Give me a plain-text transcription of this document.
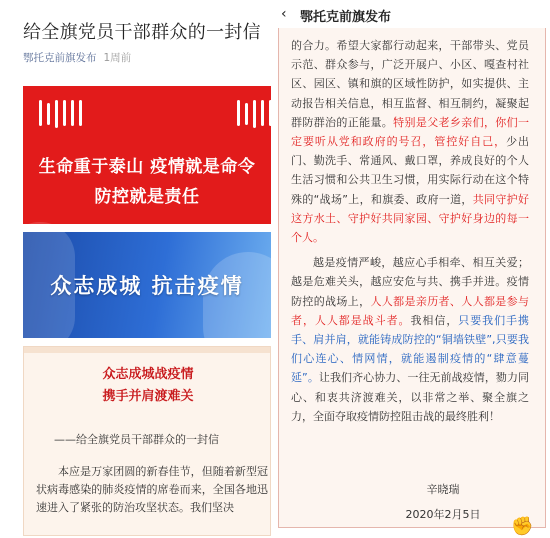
给全旗党员干部群众的一封信
鄂托克前旗发布 1周前
生命重于泰山 疫情就是命令
防控就是责任
众志成城 抗击疫情
众志成城战疫情
携手并肩渡难关
——给全旗党员干部群众的一封信
本应是万家团圆的新春佳节，但随着新型冠状病毒感染的肺炎疫情的席卷而来，全国各地迅速进入了紧张的防治攻坚状态。我们坚决
‹	鄂托克前旗发布

的合力。希望大家都行动起来，干部带头、党员示范、群众参与，广泛开展户、小区、嘎查村社区、园区、镇和旗的区域性防护，如实提供、主动报告相关信息，相互监督、相互制约，凝聚起群防群治的正能量。特别是父老乡亲们，你们一定要听从党和政府的号召，管控好自己，少出门、勤洗手、常通风、戴口罩，养成良好的个人生活习惯和公共卫生习惯，用实际行动在这个特殊的“战场”上，和旗委、政府一道，共同守护好这方水土、守护好共同家园、守护好身边的每一个人。

越是疫情严峻，越应心手相牵、相互关爱；越是危难关头，越应安危与共、携手并进。疫情防控的战场上，人人都是亲历者、人人都是参与者，人人都是战斗者。我相信，只要我们手携手、肩并肩，就能铸成防控的“铜墙铁壁”,只要我们心连心、情网情，就能遏制疫情的“肆意蔓延”。让我们齐心协力、一往无前战疫情，勠力同心、和衷共济渡难关，以非常之举、聚全旗之力，全面夺取疫情防控阻击战的最终胜利！

辛晓瑞
2020年2月5日
✊
